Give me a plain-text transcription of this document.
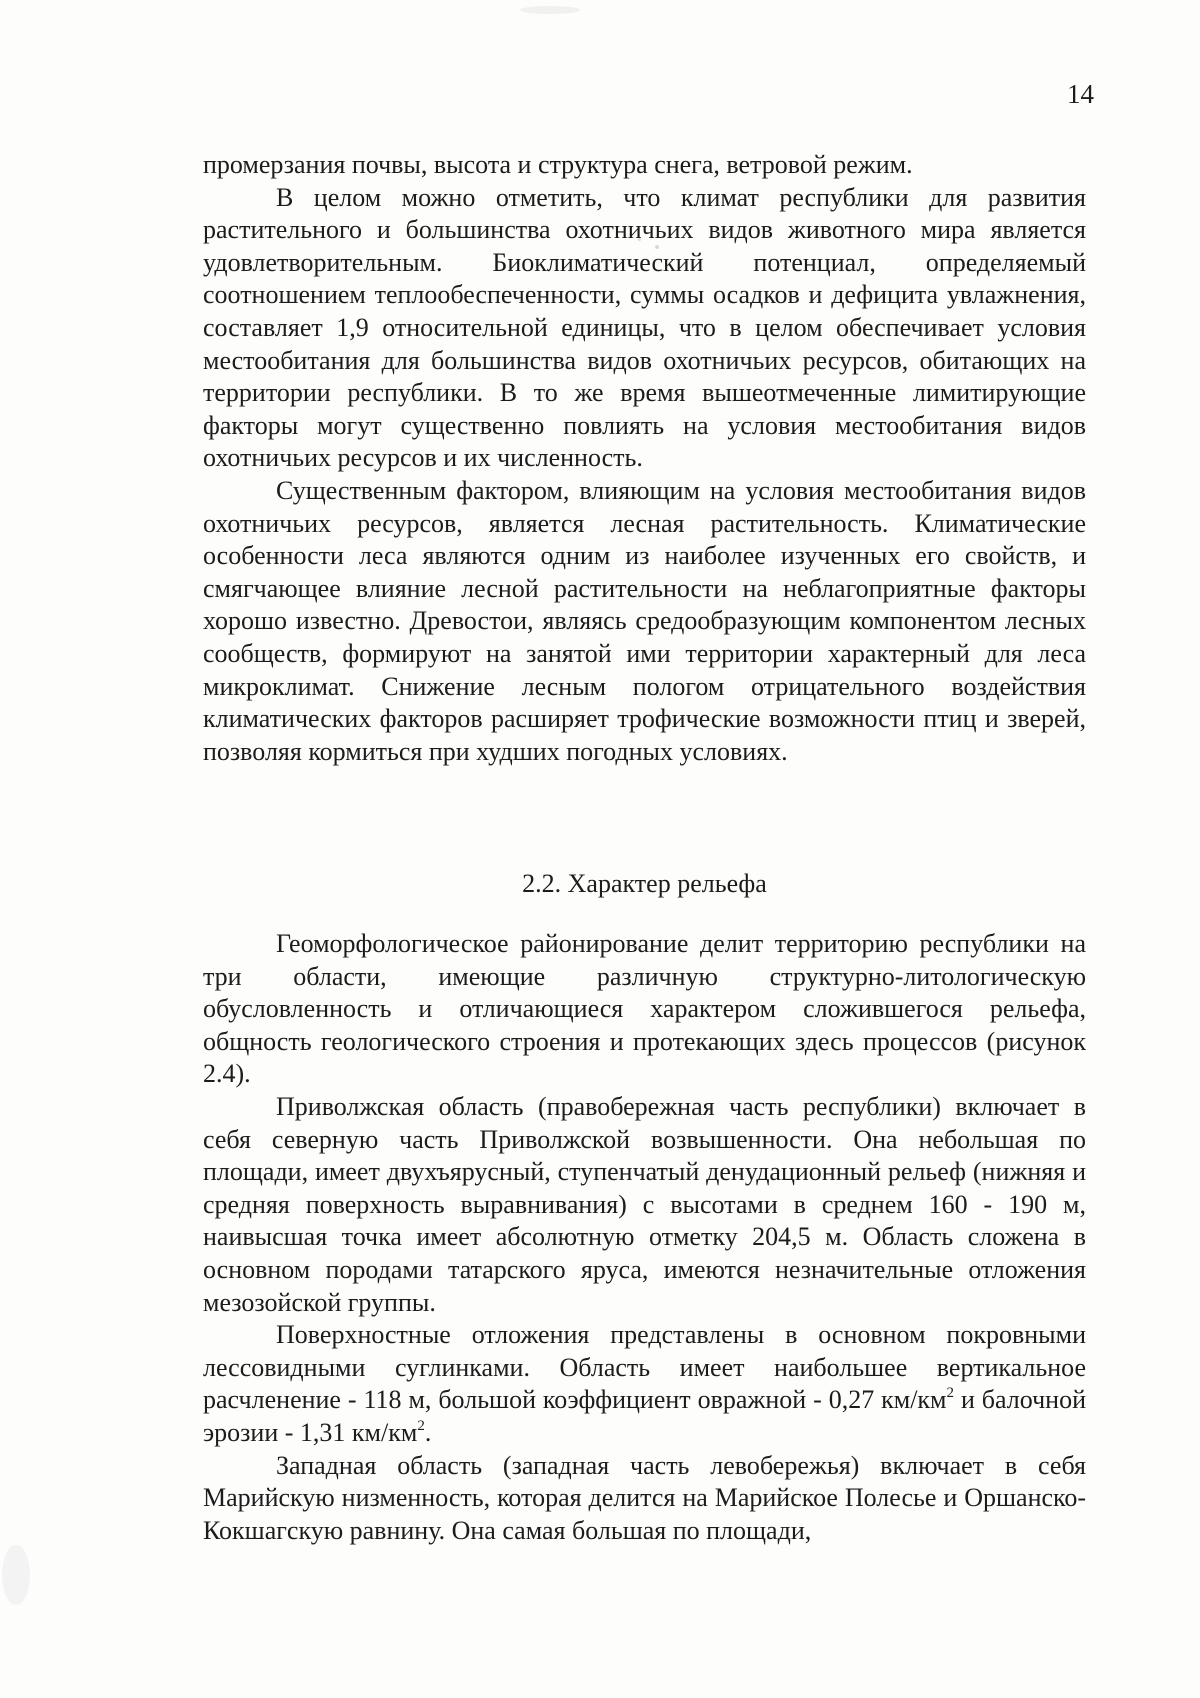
14

промерзания почвы, высота и структура снега, ветровой режим.

В целом можно отметить, что климат республики для развития растительного и большинства охотничьих видов животного мира является удовлетворительным. Биоклиматический потенциал, определяемый соотношением теплообеспеченности, суммы осадков и дефицита увлажнения, составляет 1,9 относительной единицы, что в целом обеспечивает условия местообитания для большинства видов охотничьих ресурсов, обитающих на территории республики. В то же время вышеотмеченные лимитирующие факторы могут существенно повлиять на условия местообитания видов охотничьих ресурсов и их численность.

Существенным фактором, влияющим на условия местообитания видов охотничьих ресурсов, является лесная растительность. Климатические особенности леса являются одним из наиболее изученных его свойств, и смягчающее влияние лесной растительности на неблагоприятные факторы хорошо известно. Древостои, являясь средообразующим компонентом лесных сообществ, формируют на занятой ими территории характерный для леса микроклимат. Снижение лесным пологом отрицательного воздействия климатических факторов расширяет трофические возможности птиц и зверей, позволяя кормиться при худших погодных условиях.

2.2. Характер рельефа

Геоморфологическое районирование делит территорию республики на три области, имеющие различную структурно-литологическую обусловленность и отличающиеся характером сложившегося рельефа, общность геологического строения и протекающих здесь процессов (рисунок 2.4).

Приволжская область (правобережная часть республики) включает в себя северную часть Приволжской возвышенности. Она небольшая по площади, имеет двухъярусный, ступенчатый денудационный рельеф (нижняя и средняя поверхность выравнивания) с высотами в среднем 160 - 190 м, наивысшая точка имеет абсолютную отметку 204,5 м. Область сложена в основном породами татарского яруса, имеются незначительные отложения мезозойской группы.

Поверхностные отложения представлены в основном покровными лессовидными суглинками. Область имеет наибольшее вертикальное расчленение - 118 м, большой коэффициент овражной - 0,27 $км/км^2$ и балочной эрозии - 1,31 $км/км^2$.

Западная область (западная часть левобережья) включает в себя Марийскую низменность, которая делится на Марийское Полесье и Оршанско-Кокшагскую равнину. Она самая большая по площади,
